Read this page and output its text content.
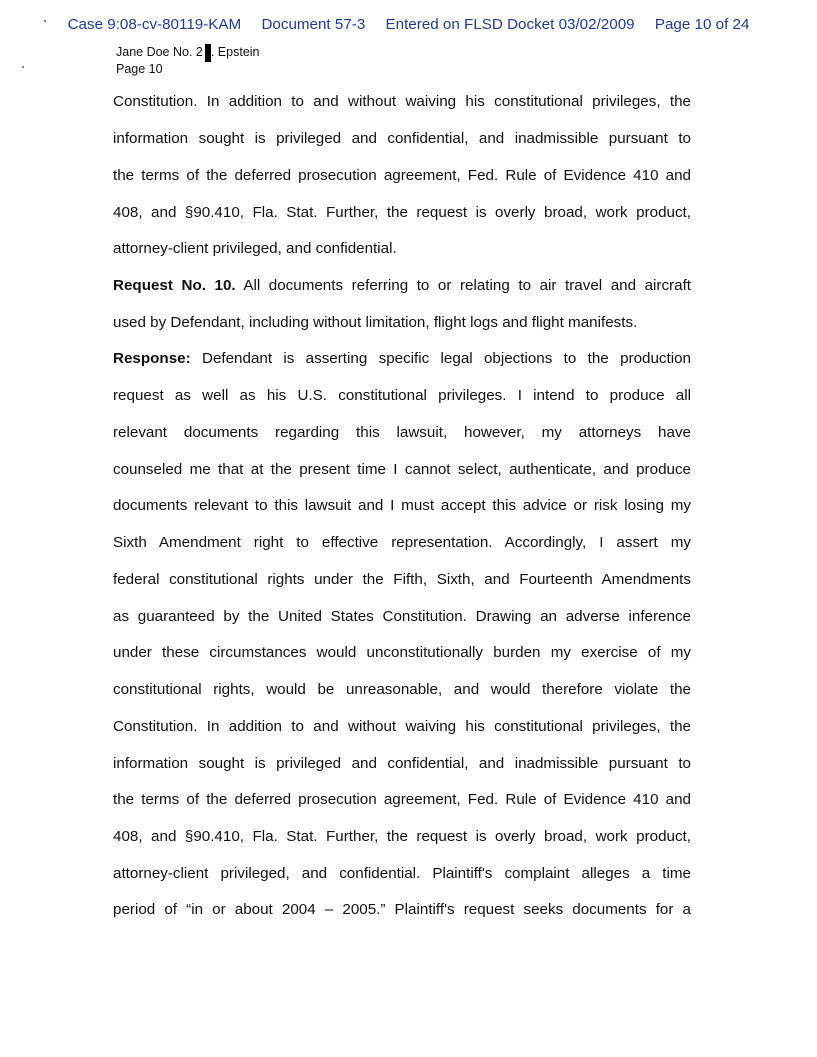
Case 9:08-cv-80119-KAM Document 57-3 Entered on FLSD Docket 03/02/2009 Page 10 of 24
Jane Doe No. 2 . Epstein
Page 10
Constitution. In addition to and without waiving his constitutional privileges, the
information sought is privileged and confidential, and inadmissible pursuant to
the terms of the deferred prosecution agreement, Fed. Rule of Evidence 410 and
408, and §90.410, Fla. Stat. Further, the request is overly broad, work product,
attorney-client privileged, and confidential.
Request No. 10. All documents referring to or relating to air travel and aircraft
used by Defendant, including without limitation, flight logs and flight manifests.
Response: Defendant is asserting specific legal objections to the production
request as well as his U.S. constitutional privileges. I intend to produce all
relevant documents regarding this lawsuit, however, my attorneys have
counseled me that at the present time I cannot select, authenticate, and produce
documents relevant to this lawsuit and I must accept this advice or risk losing my
Sixth Amendment right to effective representation. Accordingly, I assert my
federal constitutional rights under the Fifth, Sixth, and Fourteenth Amendments
as guaranteed by the United States Constitution. Drawing an adverse inference
under these circumstances would unconstitutionally burden my exercise of my
constitutional rights, would be unreasonable, and would therefore violate the
Constitution. In addition to and without waiving his constitutional privileges, the
information sought is privileged and confidential, and inadmissible pursuant to
the terms of the deferred prosecution agreement, Fed. Rule of Evidence 410 and
408, and §90.410, Fla. Stat. Further, the request is overly broad, work product,
attorney-client privileged, and confidential. Plaintiff's complaint alleges a time
period of “in or about 2004 – 2005.” Plaintiff's request seeks documents for a
